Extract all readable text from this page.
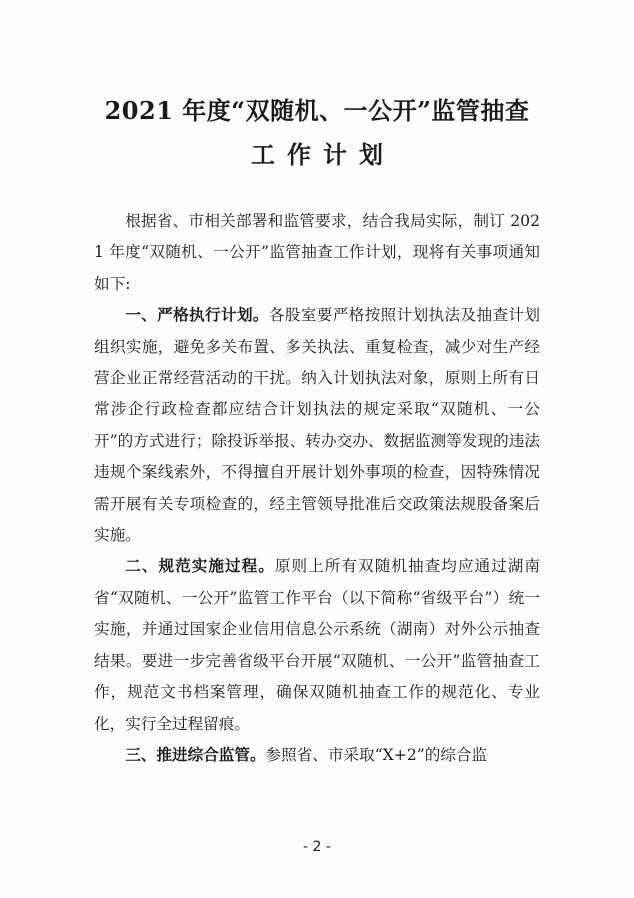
2021 年度“双随机、一公开”监管抽查
工作计划

根据省、市相关部署和监管要求，结合我局实际，制订 2021 年度“双随机、一公开”监管抽查工作计划，现将有关事项通知如下:

一、严格执行计划。各股室要严格按照计划执法及抽查计划组织实施，避免多关布置、多关执法、重复检查，减少对生产经营企业正常经营活动的干扰。纳入计划执法对象，原则上所有日常涉企行政检查都应结合计划执法的规定采取“双随机、一公开”的方式进行；除投诉举报、转办交办、数据监测等发现的违法违规个案线索外，不得擅自开展计划外事项的检查，因特殊情况需开展有关专项检查的，经主管领导批准后交政策法规股备案后实施。

二、规范实施过程。原则上所有双随机抽查均应通过湖南省“双随机、一公开”监管工作平台（以下简称“省级平台”）统一实施，并通过国家企业信用信息公示系统（湖南）对外公示抽查结果。要进一步完善省级平台开展“双随机、一公开”监管抽查工作，规范文书档案管理，确保双随机抽查工作的规范化、专业化，实行全过程留痕。

三、推进综合监管。参照省、市采取“X+2”的综合监

- 2 -
